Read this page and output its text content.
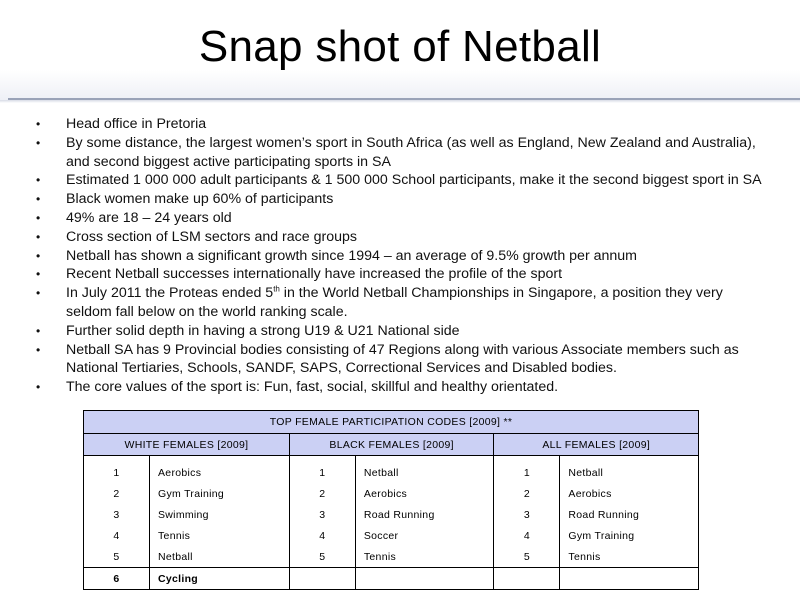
Snap shot of Netball
• Head office in Pretoria
• By some distance, the largest women’s sport in South Africa (as well as England, New Zealand and Australia), and second biggest active participating sports in SA
• Estimated 1 000 000 adult participants & 1 500 000 School participants, make it the second biggest sport in SA
• Black women make up 60% of participants
• 49% are 18 – 24 years old
• Cross section of LSM sectors and race groups
• Netball has shown a significant growth since 1994 – an average of 9.5% growth per annum
• Recent Netball successes internationally have increased the profile of the sport
• In July 2011 the Proteas ended 5th in the World Netball Championships in Singapore, a position they very seldom fall below on the world ranking scale.
• Further solid depth in having a strong U19 & U21 National side
• Netball SA has 9 Provincial bodies consisting of 47 Regions along with various Associate members such as National Tertiaries, Schools, SANDF, SAPS, Correctional Services and Disabled bodies.
• The core values of the sport is: Fun, fast, social, skillful and healthy orientated.
TOP FEMALE PARTICIPATION CODES [2009] **					
WHITE FEMALES [2009]		BLACK FEMALES [2009]		ALL FEMALES [2009]	
1	Aerobics	1	Netball	1	Netball
2	Gym Training	2	Aerobics	2	Aerobics
3	Swimming	3	Road Running	3	Road Running
4	Tennis	4	Soccer	4	Gym Training
5	Netball	5	Tennis	5	Tennis
6	Cycling				
